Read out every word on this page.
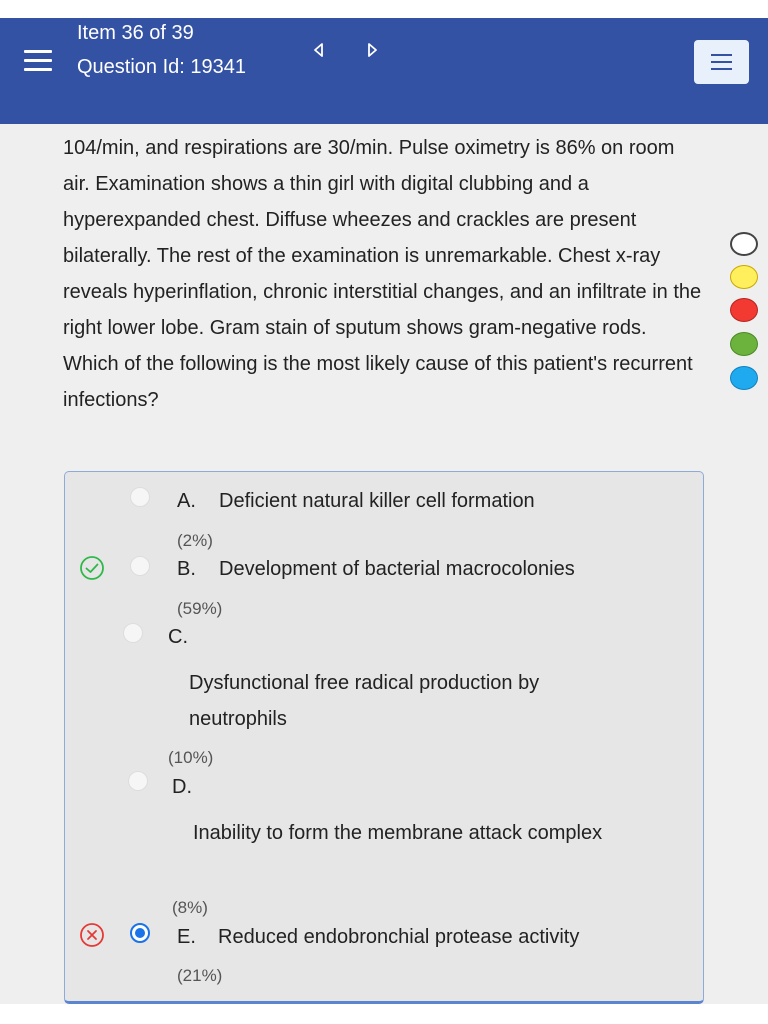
Item 36 of 39
Question Id: 19341

104/min, and respirations are 30/min. Pulse oximetry is 86% on room air. Examination shows a thin girl with digital clubbing and a hyperexpanded chest. Diffuse wheezes and crackles are present bilaterally. The rest of the examination is unremarkable. Chest x-ray reveals hyperinflation, chronic interstitial changes, and an infiltrate in the right lower lobe. Gram stain of sputum shows gram-negative rods. Which of the following is the most likely cause of this patient's recurrent infections?

A. Deficient natural killer cell formation
(2%)
B. Development of bacterial macrocolonies
(59%)
C.
Dysfunctional free radical production by neutrophils
(10%)
D.
Inability to form the membrane attack complex
(8%)
E. Reduced endobronchial protease activity
(21%)
